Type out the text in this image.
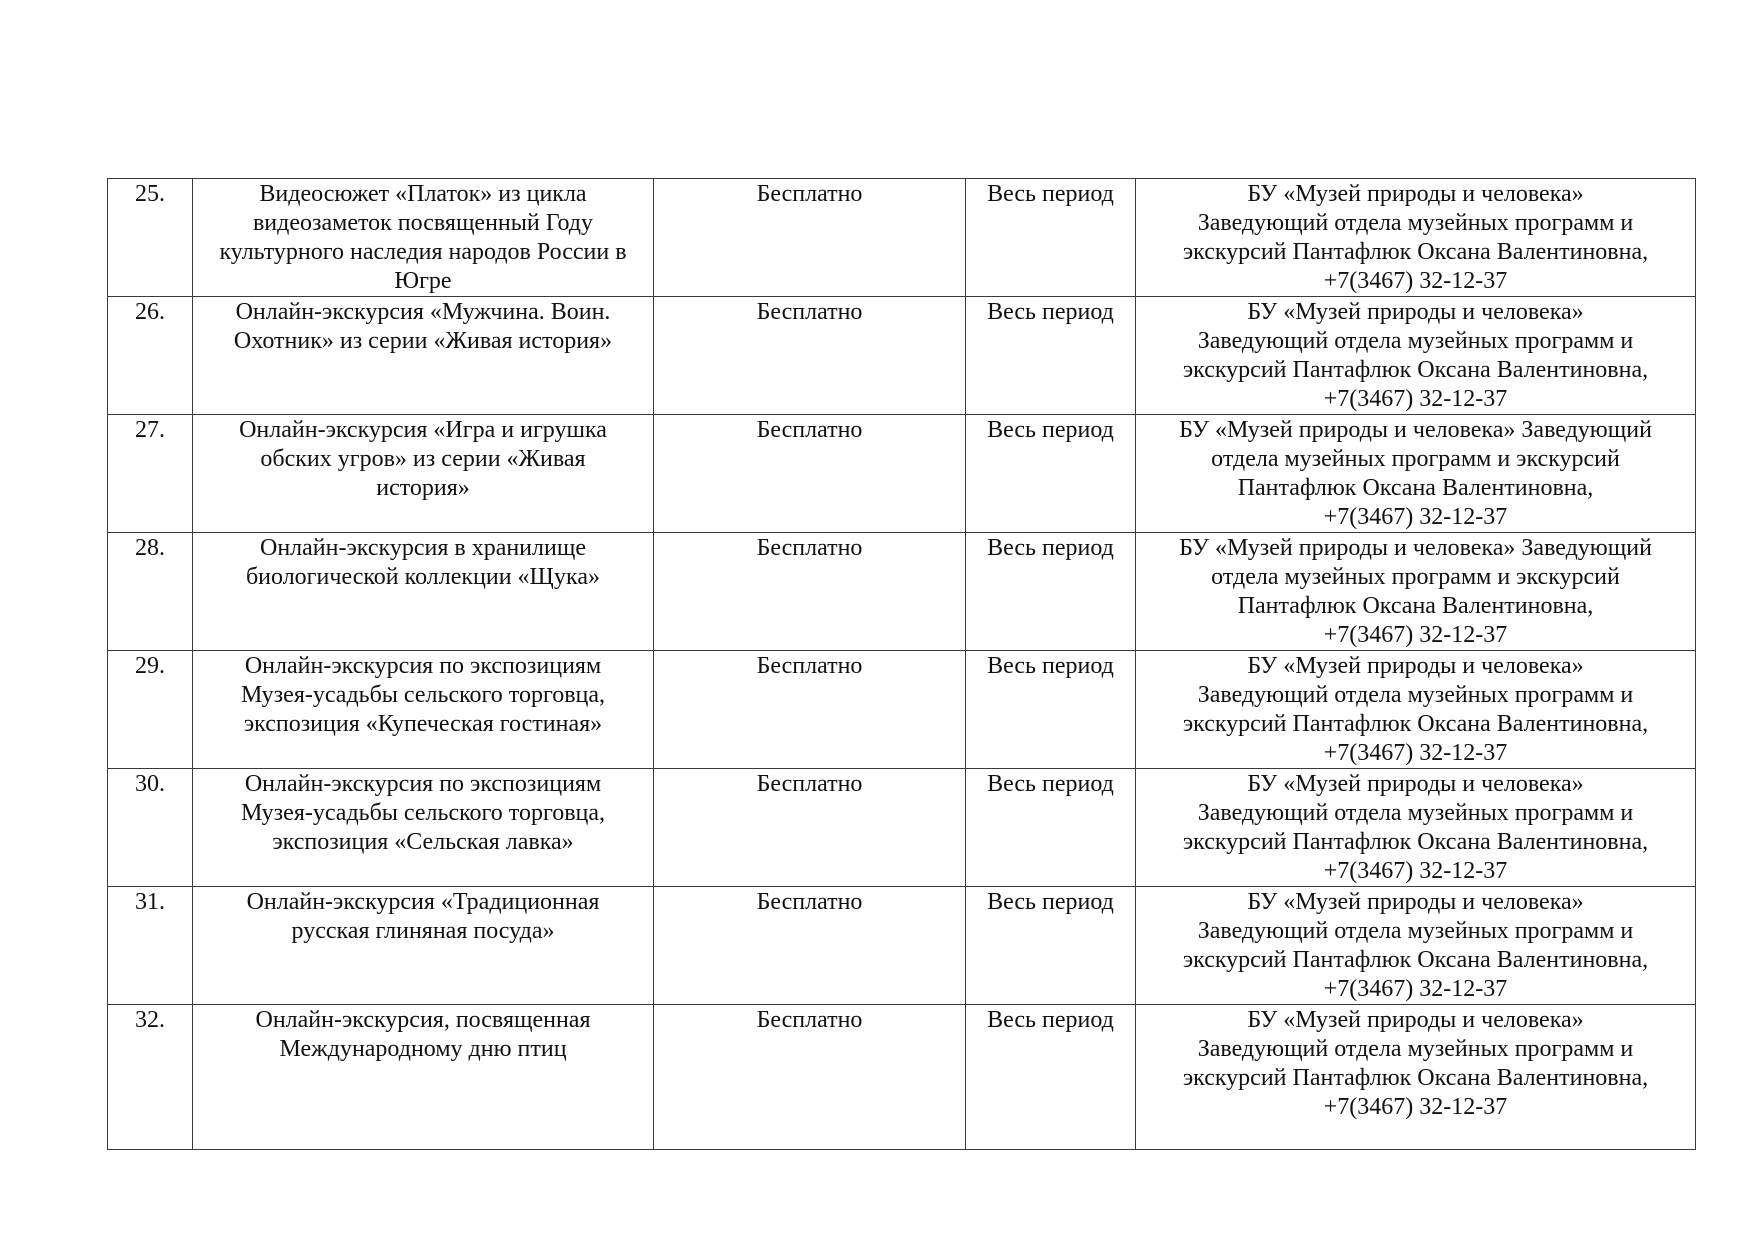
25.	Видеосюжет «Платок» из цикла
видеозаметок посвященный Году
культурного наследия народов России в
Югре	Бесплатно	Весь период	БУ «Музей природы и человека»
Заведующий отдела музейных программ и
экскурсий Пантафлюк Оксана Валентиновна,
+7(3467) 32-12-37

26.	Онлайн-экскурсия «Мужчина. Воин.
Охотник» из серии «Живая история»	Бесплатно	Весь период	БУ «Музей природы и человека»
Заведующий отдела музейных программ и
экскурсий Пантафлюк Оксана Валентиновна,
+7(3467) 32-12-37

27.	Онлайн-экскурсия «Игра и игрушка
обских угров» из серии «Живая
история»	Бесплатно	Весь период	БУ «Музей природы и человека» Заведующий
отдела музейных программ и экскурсий
Пантафлюк Оксана Валентиновна,
+7(3467) 32-12-37

28.	Онлайн-экскурсия в хранилище
биологической коллекции «Щука»	Бесплатно	Весь период	БУ «Музей природы и человека» Заведующий
отдела музейных программ и экскурсий
Пантафлюк Оксана Валентиновна,
+7(3467) 32-12-37

29.	Онлайн-экскурсия по экспозициям
Музея-усадьбы сельского торговца,
экспозиция «Купеческая гостиная»	Бесплатно	Весь период	БУ «Музей природы и человека»
Заведующий отдела музейных программ и
экскурсий Пантафлюк Оксана Валентиновна,
+7(3467) 32-12-37

30.	Онлайн-экскурсия по экспозициям
Музея-усадьбы сельского торговца,
экспозиция «Сельская лавка»	Бесплатно	Весь период	БУ «Музей природы и человека»
Заведующий отдела музейных программ и
экскурсий Пантафлюк Оксана Валентиновна,
+7(3467) 32-12-37

31.	Онлайн-экскурсия «Традиционная
русская глиняная посуда»	Бесплатно	Весь период	БУ «Музей природы и человека»
Заведующий отдела музейных программ и
экскурсий Пантафлюк Оксана Валентиновна,
+7(3467) 32-12-37

32.	Онлайн-экскурсия, посвященная
Международному дню птиц	Бесплатно	Весь период	БУ «Музей природы и человека»
Заведующий отдела музейных программ и
экскурсий Пантафлюк Оксана Валентиновна,
+7(3467) 32-12-37
